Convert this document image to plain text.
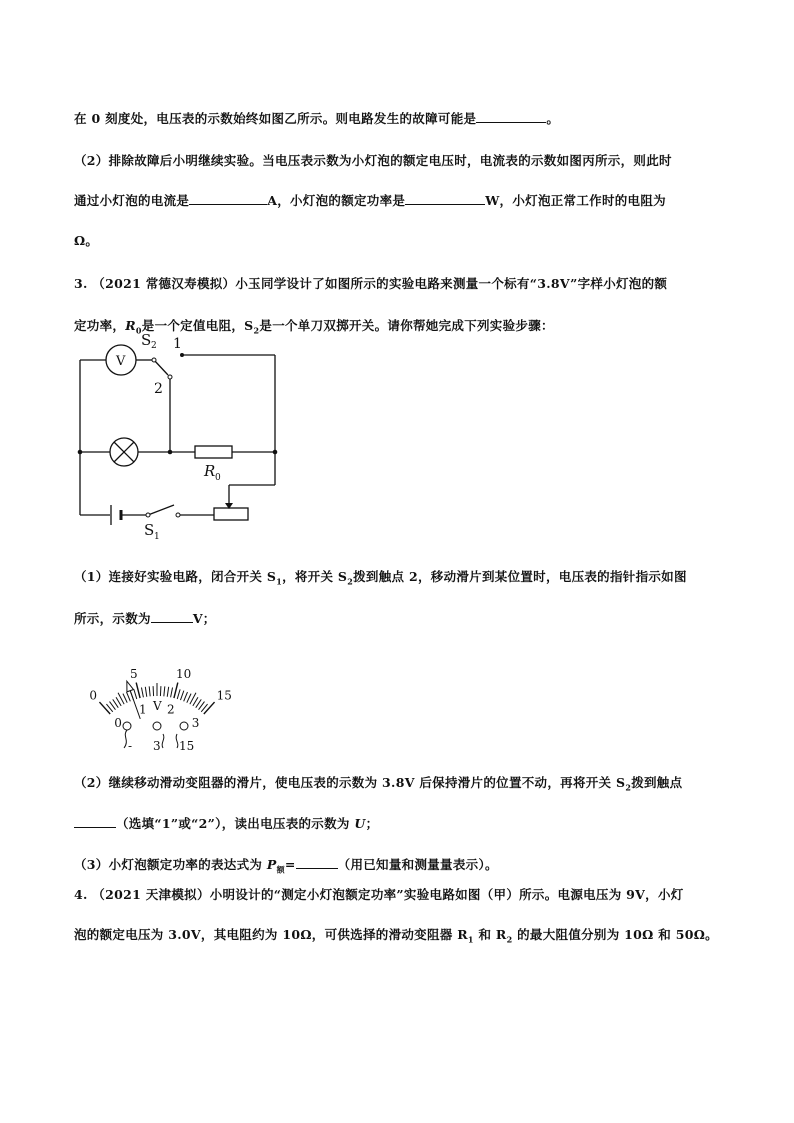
在 0 刻度处，电压表的示数始终如图乙所示。则电路发生的故障可能是	。
（2）排除故障后小明继续实验。当电压表示数为小灯泡的额定电压时，电流表的示数如图丙所示，则此时
通过小灯泡的电流是	A，小灯泡的额定功率是	W，小灯泡正常工作时的电阻为
Ω。
3. （2021 常德汉寿模拟）小玉同学设计了如图所示的实验电路来测量一个标有“3.8V”字样小灯泡的额
定功率，$R_0$是一个定值电阻，$S_2$是一个单刀双掷开关。请你帮她完成下列实验步骤：
V
S 2 1
2
R 0
S 1
（1）连接好实验电路，闭合开关 $S_1$，将开关 $S_2$拨到触点 2，移动滑片到某位置时，电压表的指针指示如图
所示，示数为	V；
0
5	10
15
0
1 2
3
V
- 3 15
（2）继续移动滑动变阻器的滑片，使电压表的示数为 3.8V 后保持滑片的位置不动，再将开关 $S_2$拨到触点
（选填“1”或“2”），读出电压表的示数为 U；
（3）小灯泡额定功率的表达式为 $P_额=$	（用已知量和测量量表示）。
4. （2021 天津模拟）小明设计的“测定小灯泡额定功率”实验电路如图（甲）所示。电源电压为 9V，小灯
泡的额定电压为 3.0V，其电阻约为 10Ω，可供选择的滑动变阻器 $R_1$ 和 $R_2$ 的最大阻值分别为 10Ω 和 50Ω。
